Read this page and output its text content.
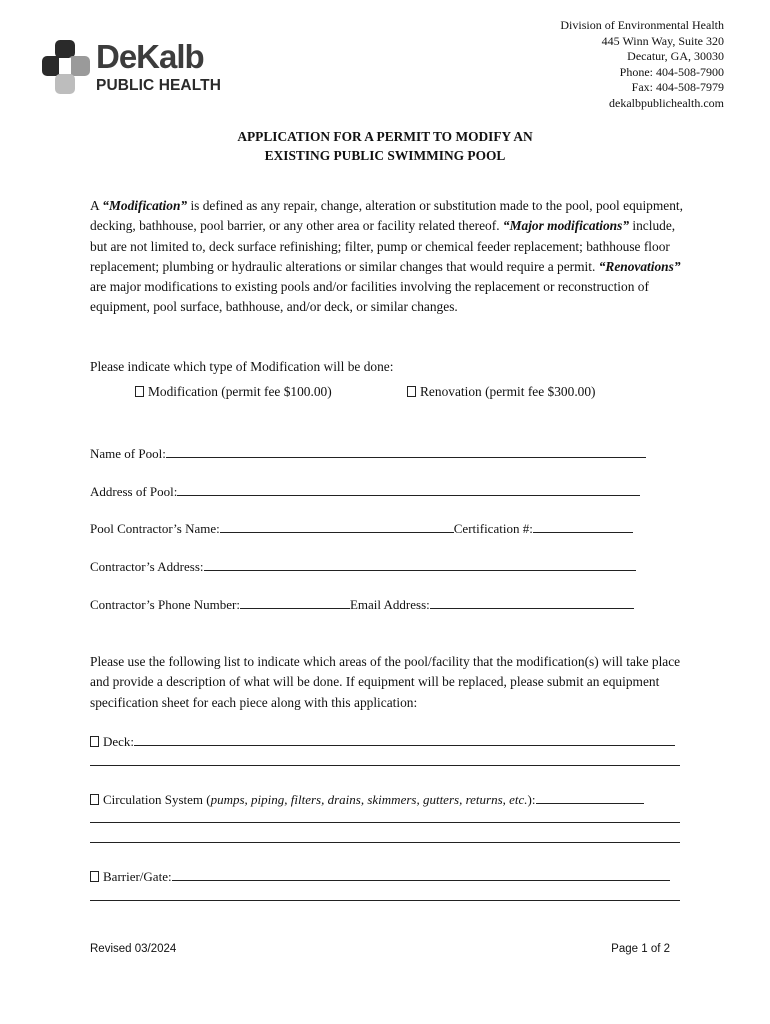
DeKalb
PUBLIC HEALTH
Division of Environmental Health
445 Winn Way, Suite 320
Decatur, GA, 30030
Phone: 404-508-7900
Fax: 404-508-7979
dekalbpublichealth.com
APPLICATION FOR A PERMIT TO MODIFY AN
EXISTING PUBLIC SWIMMING POOL
A “Modification” is defined as any repair, change, alteration or substitution made to the pool, pool equipment, decking, bathhouse, pool barrier, or any other area or facility related thereof. “Major modifications” include, but are not limited to, deck surface refinishing; filter, pump or chemical feeder replacement; bathhouse floor replacement; plumbing or hydraulic alterations or similar changes that would require a permit. “Renovations” are major modifications to existing pools and/or facilities involving the replacement or reconstruction of equipment, pool surface, bathhouse, and/or deck, or similar changes.
Please indicate which type of Modification will be done:
Modification (permit fee $100.00)	Renovation (permit fee $300.00)
Name of Pool:
Address of Pool:
Pool Contractor’s Name:	Certification #:
Contractor’s Address:
Contractor’s Phone Number:	Email Address:
Please use the following list to indicate which areas of the pool/facility that the modification(s) will take place and provide a description of what will be done. If equipment will be replaced, please submit an equipment specification sheet for each piece along with this application:
Deck:
Circulation System (pumps, piping, filters, drains, skimmers, gutters, returns, etc.):
Barrier/Gate:
Revised 03/2024	Page 1 of 2
